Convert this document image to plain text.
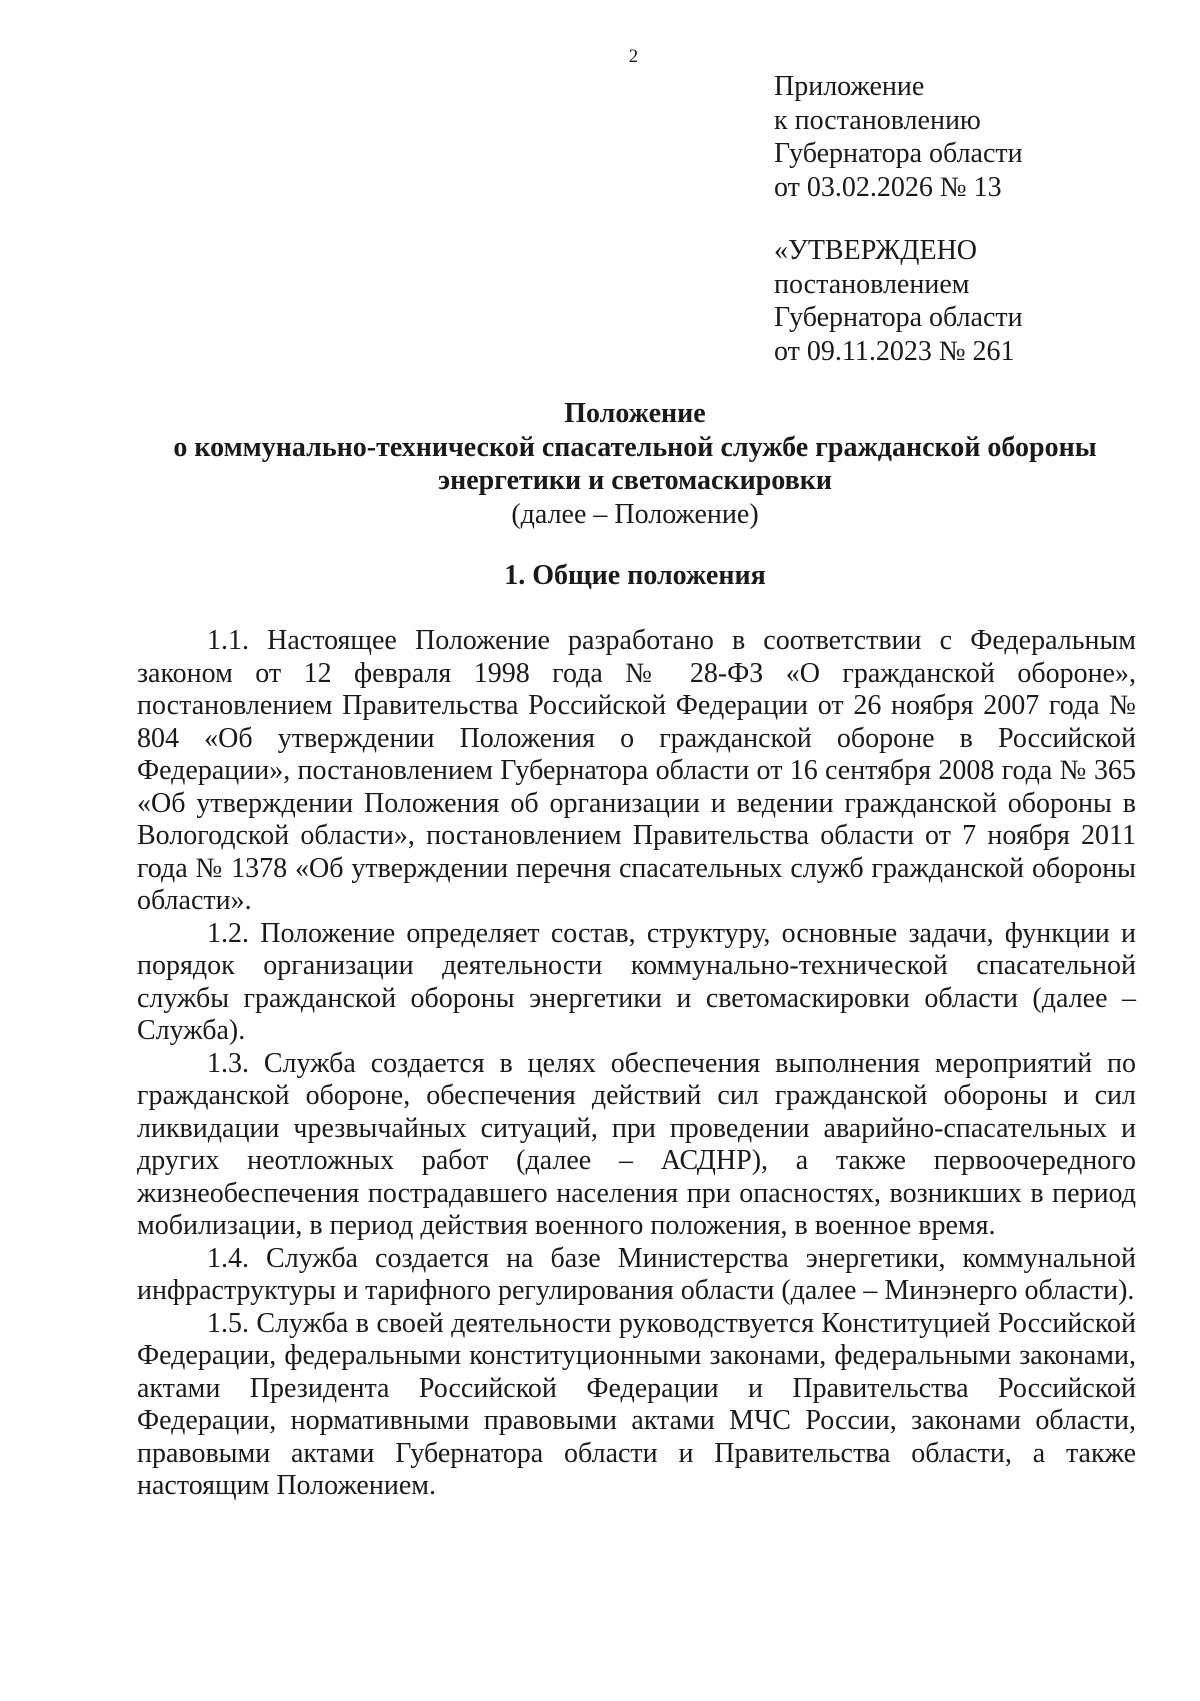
2
Приложение
к постановлению
Губернатора области
от 03.02.2026 № 13
«УТВЕРЖДЕНО
постановлением
Губернатора области
от 09.11.2023 № 261
Положение
о коммунально-технической спасательной службе гражданской обороны
энергетики и светомаскировки
(далее – Положение)
1. Общие положения

1.1. Настоящее Положение разработано в соответствии с Федеральным законом от 12 февраля 1998 года № 28-ФЗ «О гражданской обороне», постановлением Правительства Российской Федерации от 26 ноября 2007 года № 804 «Об утверждении Положения о гражданской обороне в Российской Федерации», постановлением Губернатора области от 16 сентября 2008 года № 365 «Об утверждении Положения об организации и ведении гражданской обороны в Вологодской области», постановлением Правительства области от 7 ноября 2011 года № 1378 «Об утверждении перечня спасательных служб гражданской обороны области».

1.2. Положение определяет состав, структуру, основные задачи, функции и порядок организации деятельности коммунально-технической спасательной службы гражданской обороны энергетики и светомаскировки области (далее – Служба).

1.3. Служба создается в целях обеспечения выполнения мероприятий по гражданской обороне, обеспечения действий сил гражданской обороны и сил ликвидации чрезвычайных ситуаций, при проведении аварийно-спасательных и других неотложных работ (далее – АСДНР), а также первоочередного жизнеобеспечения пострадавшего населения при опасностях, возникших в период мобилизации, в период действия военного положения, в военное время.

1.4. Служба создается на базе Министерства энергетики, коммунальной инфраструктуры и тарифного регулирования области (далее – Минэнерго области).

1.5. Служба в своей деятельности руководствуется Конституцией Российской Федерации, федеральными конституционными законами, федеральными законами, актами Президента Российской Федерации и Правительства Российской Федерации, нормативными правовыми актами МЧС России, законами области, правовыми актами Губернатора области и Правительства области, а также настоящим Положением.
